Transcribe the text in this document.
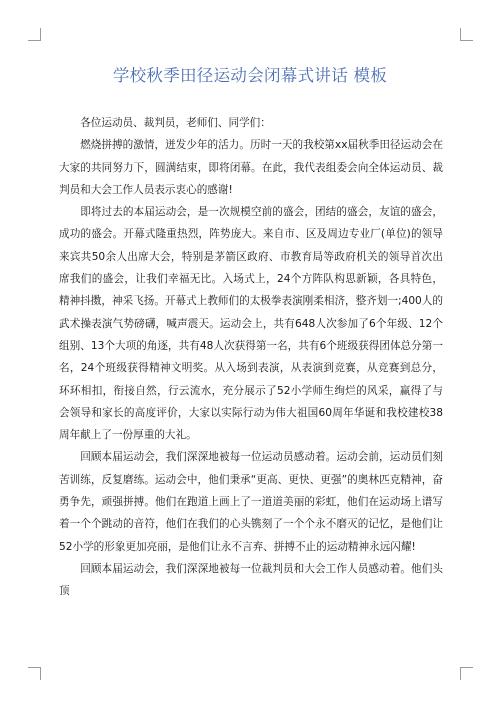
学校秋季田径运动会闭幕式讲话 模板

各位运动员、裁判员，老师们、同学们：

燃烧拼搏的激情，迸发少年的活力。历时一天的我校第xx届秋季田径运动会在大家的共同努力下，圆满结束，即将闭幕。在此，我代表组委会向全体运动员、裁判员和大会工作人员表示衷心的感谢!

即将过去的本届运动会，是一次规模空前的盛会，团结的盛会，友谊的盛会，成功的盛会。开幕式隆重热烈，阵势庞大。来自市、区及周边专业厂(单位)的领导来宾共50余人出席大会，特别是茅箭区政府、市教育局等政府机关的领导首次出席我们的盛会，让我们幸福无比。入场式上，24个方阵队构思新颖，各具特色，精神抖擞，神采飞扬。开幕式上教师们的太极拳表演刚柔相济，整齐划一;400人的武术操表演气势磅礴，喊声震天。运动会上，共有648人次参加了6个年级、12个组别、13个大项的角逐，共有48人次获得第一名，共有6个班级获得团体总分第一名，24个班级获得精神文明奖。从入场到表演，从表演到竞赛，从竞赛到总分，环环相扣，衔接自然，行云流水，充分展示了52小学师生绚烂的风采，赢得了与会领导和家长的高度评价，大家以实际行动为伟大祖国60周年华诞和我校建校38周年献上了一份厚重的大礼。

回顾本届运动会，我们深深地被每一位运动员感动着。运动会前，运动员们刻苦训练，反复磨练。运动会中，他们秉承“更高、更快、更强”的奥林匹克精神，奋勇争先，顽强拼搏。他们在跑道上画上了一道道美丽的彩虹，他们在运动场上谱写着一个个跳动的音符，他们在我们的心头镌刻了一个个永不磨灭的记忆，是他们让52小学的形象更加亮丽，是他们让永不言弃、拼搏不止的运动精神永远闪耀!

回顾本届运动会，我们深深地被每一位裁判员和大会工作人员感动着。他们头顶
